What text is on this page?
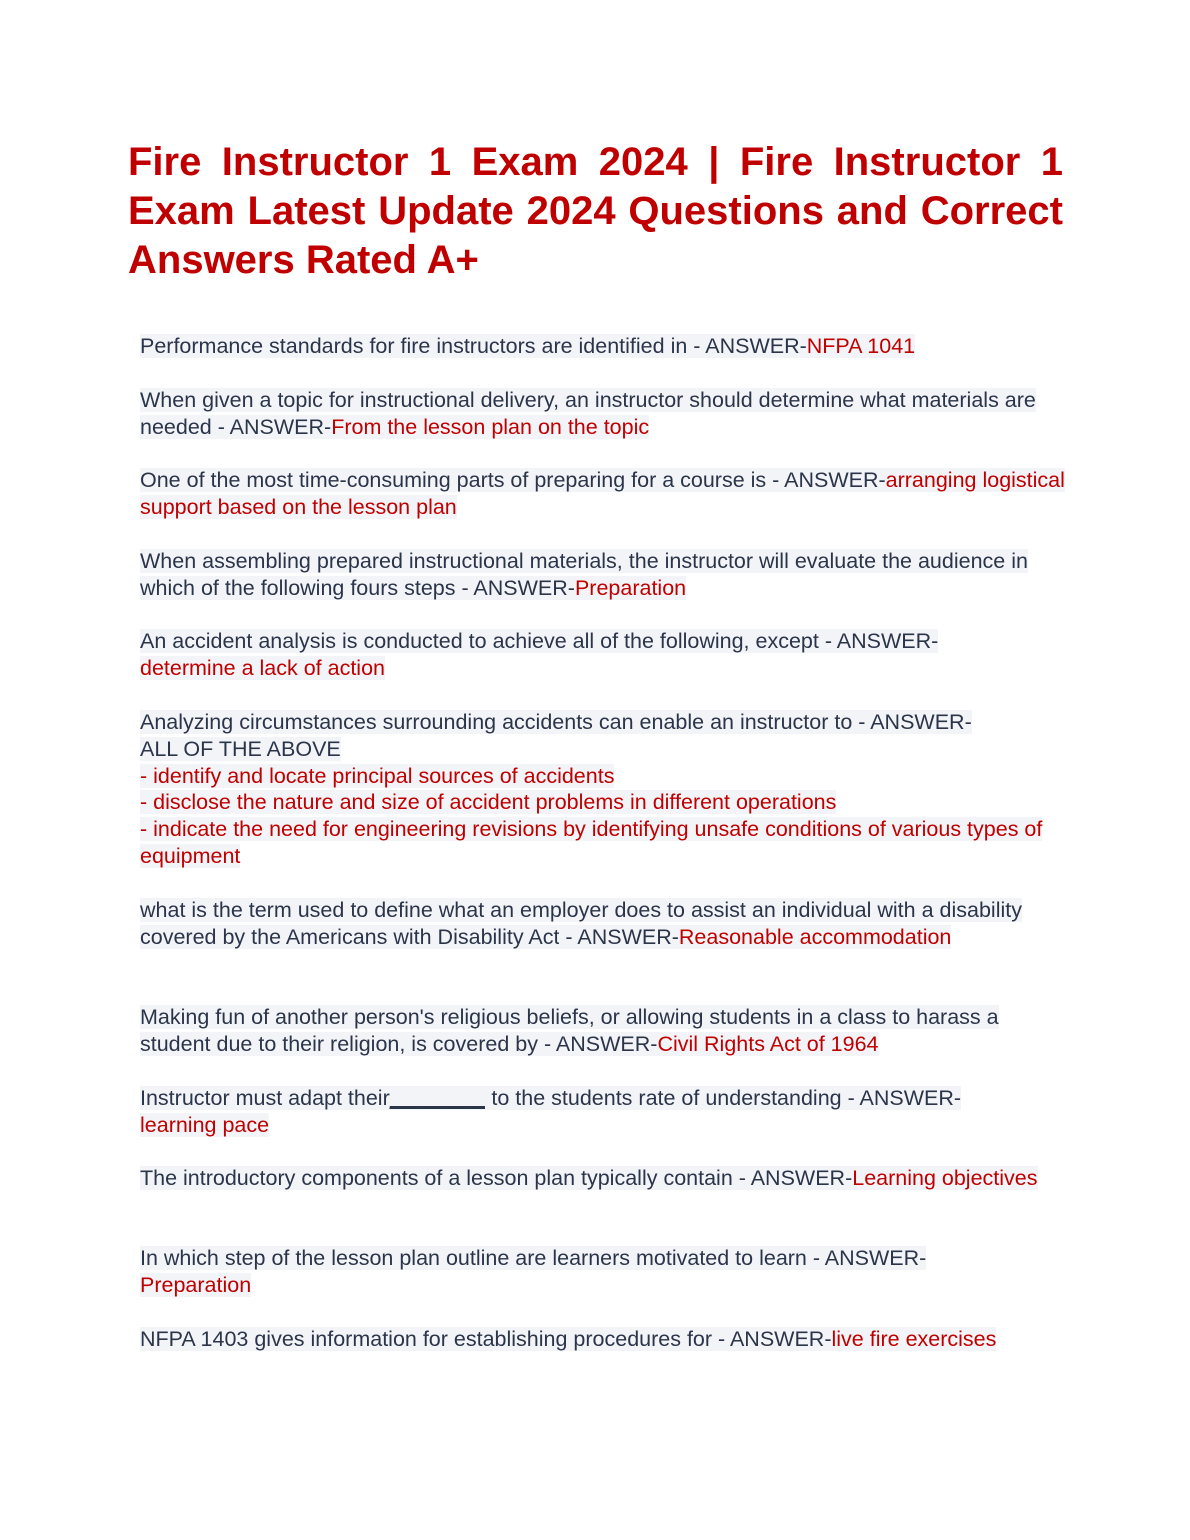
Fire Instructor 1 Exam 2024 | Fire Instructor 1 Exam Latest Update 2024 Questions and Correct Answers Rated A+

Performance standards for fire instructors are identified in - ANSWER-NFPA 1041

When given a topic for instructional delivery, an instructor should determine what materials are needed - ANSWER-From the lesson plan on the topic

One of the most time-consuming parts of preparing for a course is - ANSWER-arranging logistical support based on the lesson plan

When assembling prepared instructional materials, the instructor will evaluate the audience in which of the following fours steps - ANSWER-Preparation

An accident analysis is conducted to achieve all of the following, except - ANSWER-
determine a lack of action

Analyzing circumstances surrounding accidents can enable an instructor to - ANSWER-
ALL OF THE ABOVE
- identify and locate principal sources of accidents
- disclose the nature and size of accident problems in different operations
- indicate the need for engineering revisions by identifying unsafe conditions of various types of equipment

what is the term used to define what an employer does to assist an individual with a disability covered by the Americans with Disability Act - ANSWER-Reasonable accommodation

Making fun of another person's religious beliefs, or allowing students in a class to harass a student due to their religion, is covered by - ANSWER-Civil Rights Act of 1964

Instructor must adapt their________ to the students rate of understanding - ANSWER-
learning pace

The introductory components of a lesson plan typically contain - ANSWER-Learning objectives

In which step of the lesson plan outline are learners motivated to learn - ANSWER-
Preparation

NFPA 1403 gives information for establishing procedures for - ANSWER-live fire exercises
